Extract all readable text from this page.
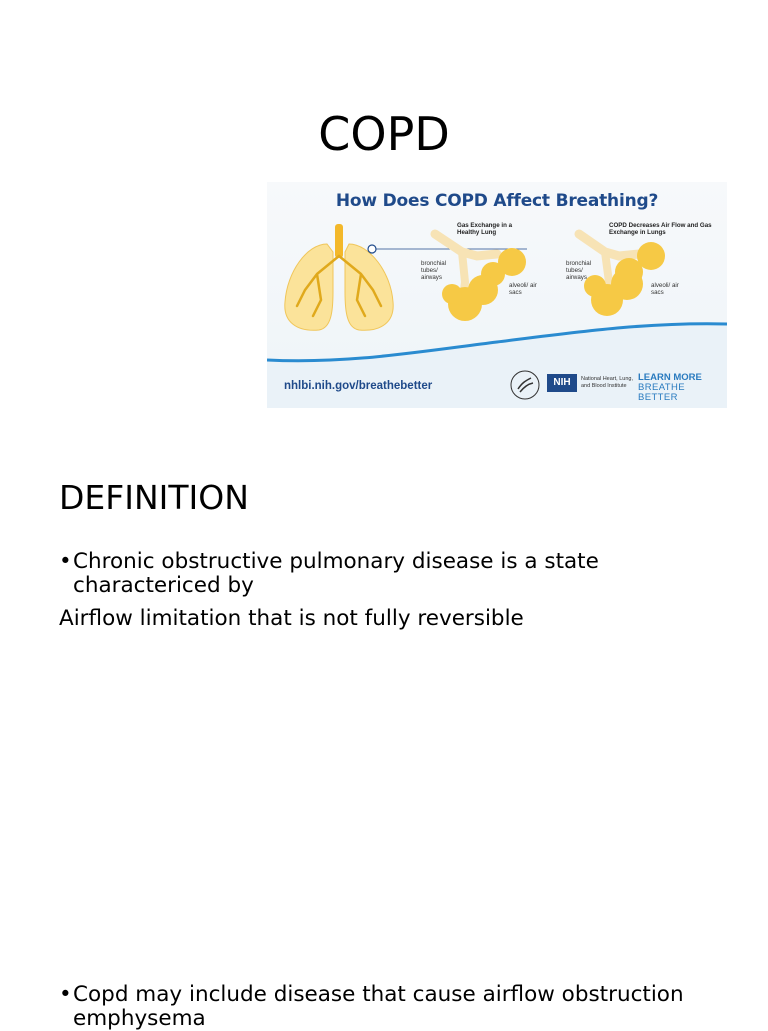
COPD
How Does COPD Affect Breathing?
Gas Exchange in a Healthy Lung
COPD Decreases Air Flow and Gas Exchange in Lungs
bronchial tubes/ airways
alveoli/ air sacs
bronchial tubes/ airways
alveoli/ air sacs
nhlbi.nih.gov/breathebetter	NIH	National Heart, Lung, and Blood Institute
LEARN MORE
BREATHE BETTER
DEFINITION
• Chronic obstructive pulmonary disease is a state charactericed by
Airflow limitation that is not fully reversible
• Copd may include disease that cause airflow obstruction emphysema
